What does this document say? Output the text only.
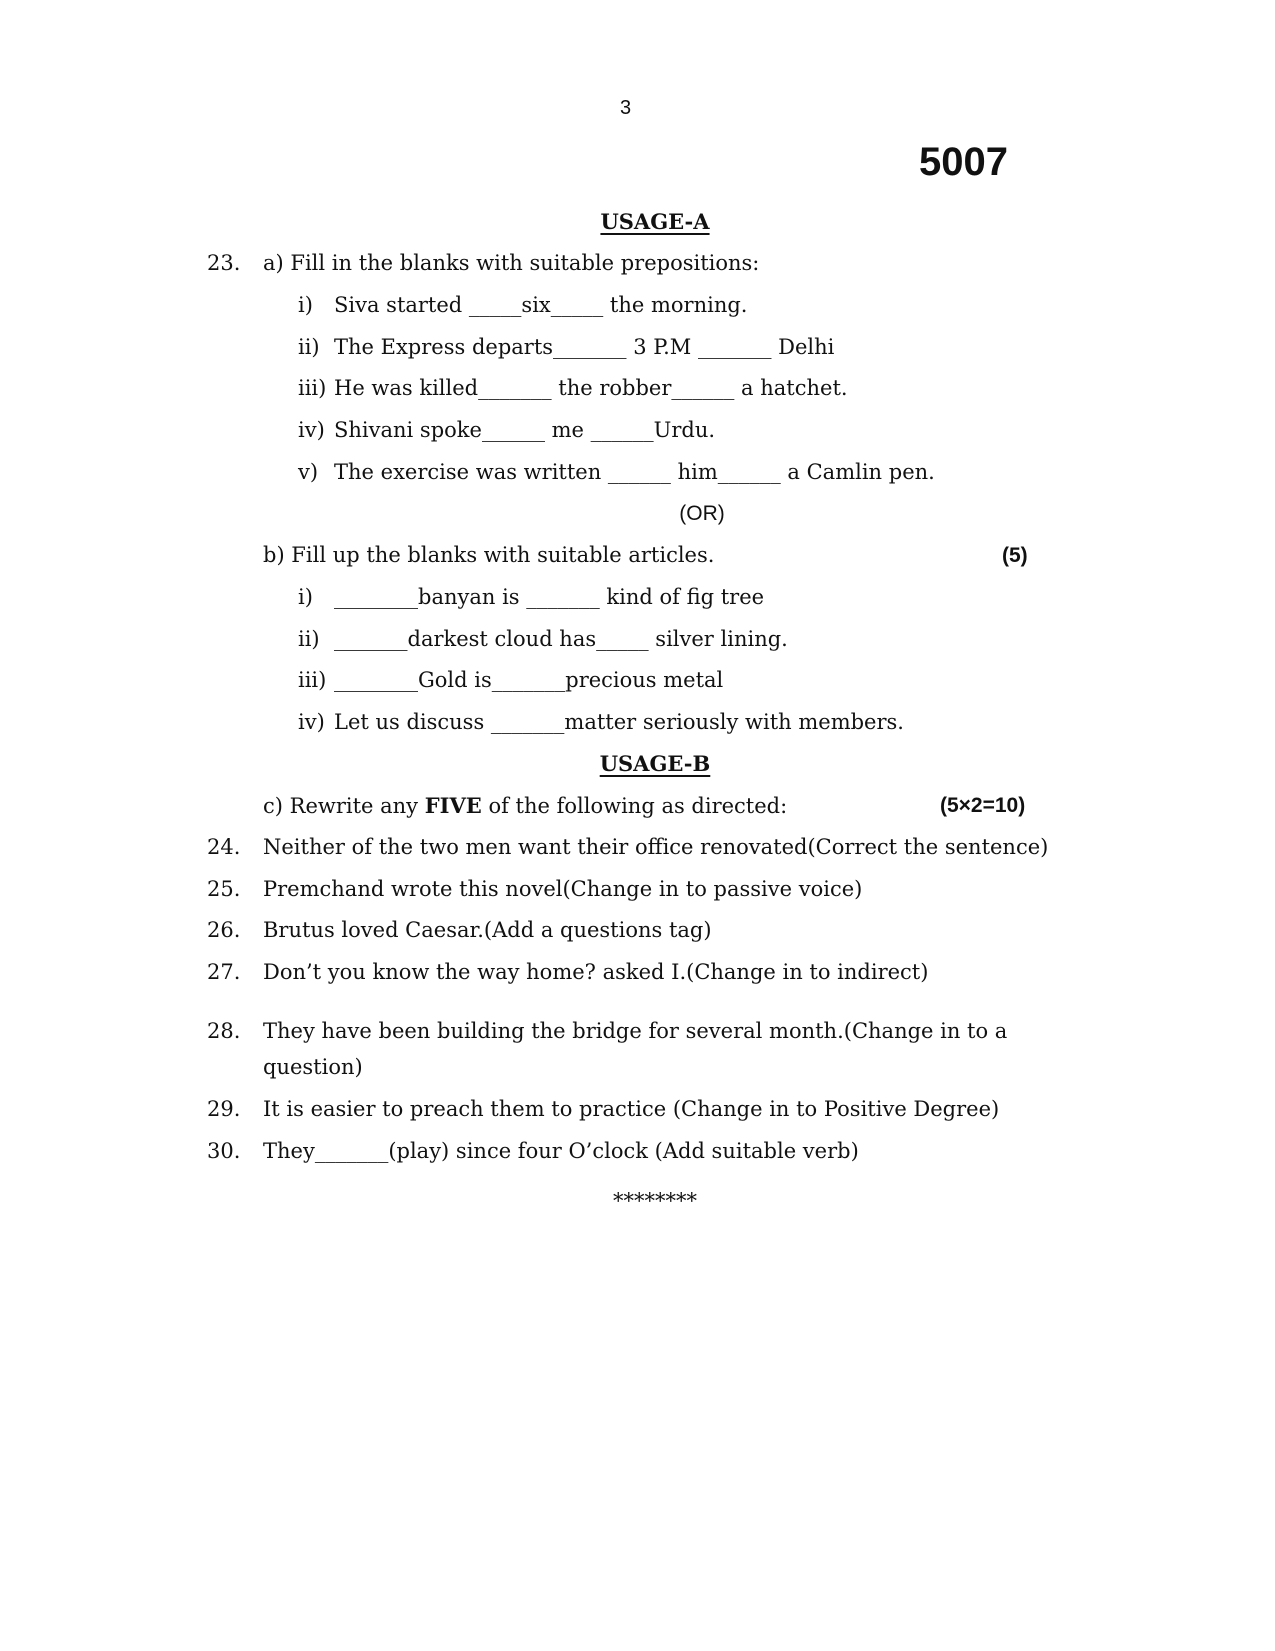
3
5007
USAGE-A
23.	a) Fill in the blanks with suitable prepositions:
i) Siva started _____six_____ the morning.
ii) The Express departs_______ 3 P.M _______ Delhi
iii) He was killed_______ the robber______ a hatchet.
iv) Shivani spoke______ me ______Urdu.
v) The exercise was written ______ him______ a Camlin pen.
(OR)
b) Fill up the blanks with suitable articles.	(5)
i) ________banyan is _______ kind of fig tree
ii) _______darkest cloud has_____ silver lining.
iii) ________Gold is_______precious metal
iv) Let us discuss _______matter seriously with members.
USAGE-B
c) Rewrite any FIVE of the following as directed:	(5×2=10)
24.	Neither of the two men want their office renovated(Correct the sentence)
25.	Premchand wrote this novel(Change in to passive voice)
26.	Brutus loved Caesar.(Add a questions tag)
27.	Don’t you know the way home? asked I.(Change in to indirect)
28.	They have been building the bridge for several month.(Change in to a
question)
29.	It is easier to preach them to practice (Change in to Positive Degree)
30.	They_______(play) since four O’clock (Add suitable verb)
********
